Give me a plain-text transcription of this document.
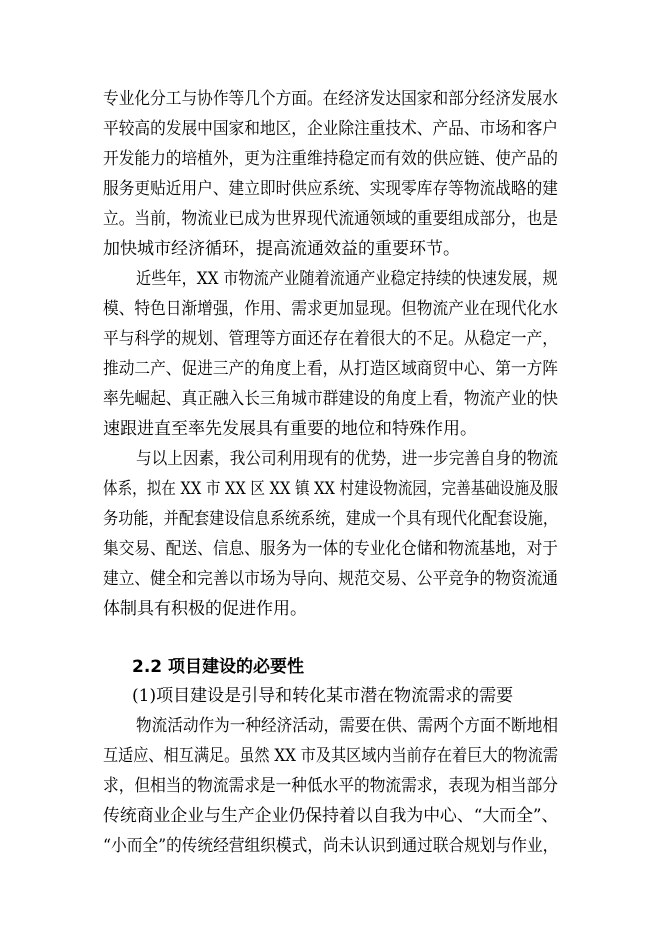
专业化分工与协作等几个方面。在经济发达国家和部分经济发展水
平较高的发展中国家和地区，企业除注重技术、产品、市场和客户
开发能力的培植外，更为注重维持稳定而有效的供应链、使产品的
服务更贴近用户、建立即时供应系统、实现零库存等物流战略的建
立。当前，物流业已成为世界现代流通领域的重要组成部分，也是
加快城市经济循环，提高流通效益的重要环节。
近些年，XX 市物流产业随着流通产业稳定持续的快速发展，规
模、特色日渐增强，作用、需求更加显现。但物流产业在现代化水
平与科学的规划、管理等方面还存在着很大的不足。从稳定一产，
推动二产、促进三产的角度上看，从打造区域商贸中心、第一方阵
率先崛起、真正融入长三角城市群建设的角度上看，物流产业的快
速跟进直至率先发展具有重要的地位和特殊作用。
与以上因素，我公司利用现有的优势，进一步完善自身的物流
体系，拟在 XX 市 XX 区 XX 镇 XX 村建设物流园，完善基础设施及服
务功能，并配套建设信息系统系统，建成一个具有现代化配套设施，
集交易、配送、信息、服务为一体的专业化仓储和物流基地，对于
建立、健全和完善以市场为导向、规范交易、公平竞争的物资流通
体制具有积极的促进作用。
2.2 项目建设的必要性
(1)项目建设是引导和转化某市潜在物流需求的需要
物流活动作为一种经济活动，需要在供、需两个方面不断地相
互适应、相互满足。虽然 XX 市及其区域内当前存在着巨大的物流需
求，但相当的物流需求是一种低水平的物流需求，表现为相当部分
传统商业企业与生产企业仍保持着以自我为中心、“大而全”、
“小而全”的传统经营组织模式，尚未认识到通过联合规划与作业，
